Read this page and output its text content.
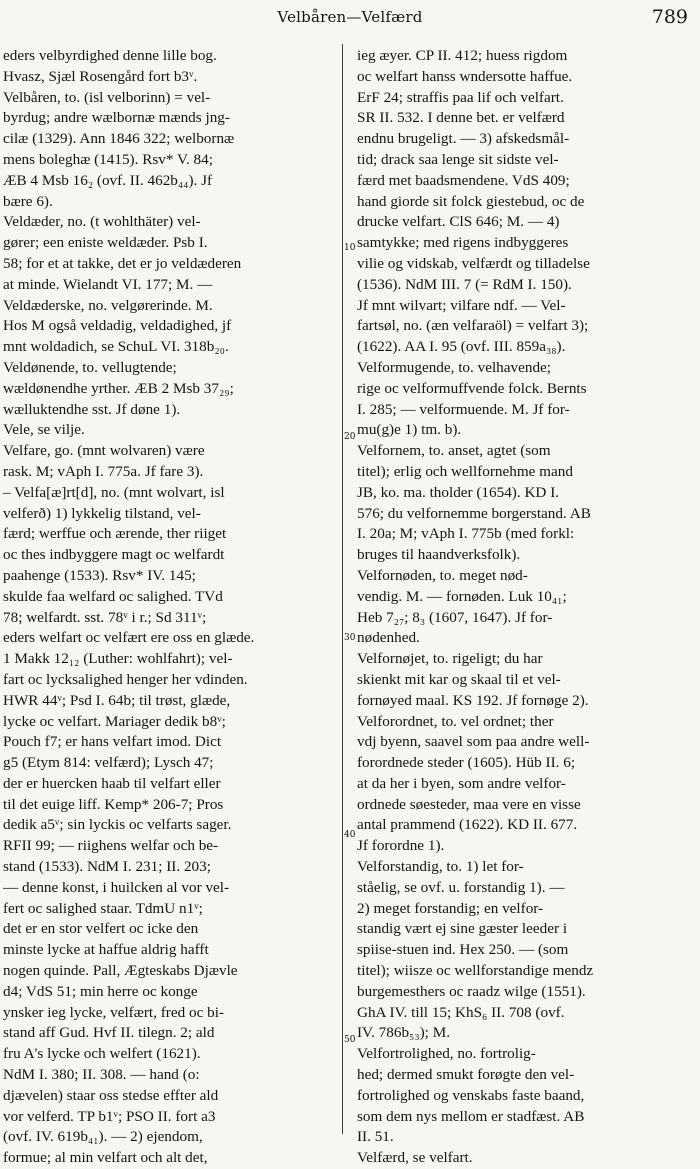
Velbåren—Velfærd	789
10
20
30
40
50
eders velbyrdighed denne lille bog.
Hvasz, Sjæl Rosengård fort b3ᵛ.
Velbåren, to. (isl velborinn) = vel-
byrdug; andre wælbornæ mænds jng-
cilæ (1329). Ann 1846 322; welbornæ
mens boleghæ (1415). Rsv* V. 84;
ÆB 4 Msb 16₂ (ovf. II. 462b₄₄). Jf
bære 6).
Veldæder, no. (t wohlthäter) vel-
gører; een eniste weldæder. Psb I.
58; for et at takke, det er jo veldæderen
at minde. Wielandt VI. 177; M. —
Veldæderske, no. velgørerinde. M.
Hos M også veldadig, veldadighed, jf
mnt woldadich, se SchuL VI. 318b₂₀.
Veldønende, to. vellugtende;
wældønendhe yrther. ÆB 2 Msb 37₂₉;
wælluktendhe sst. Jf døne 1).
Vele, se vilje.
Velfare, go. (mnt wolvaren) være
rask. M; vAph I. 775a. Jf fare 3).
– Velfa[æ]rt[d], no. (mnt wolvart, isl
velferð) 1) lykkelig tilstand, vel-
færd; werffue och ærende, ther riiget
oc thes indbyggere magt oc welfardt
paahenge (1533). Rsv* IV. 145;
skulde faa welfard oc salighed. TVd
78; welfardt. sst. 78ᵛ i r.; Sd 311ᵛ;
eders welfart oc velfært ere oss en glæde.
1 Makk 12₁₂ (Luther: wohlfahrt); vel-
fart oc lycksalighed henger her vdinden.
HWR 44ᵛ; Psd I. 64b; til trøst, glæde,
lycke oc velfart. Mariager dedik b8ᵛ;
Pouch f7; er hans velfart imod. Dict
g5 (Etym 814: velfærd); Lysch 47;
der er huercken haab til velfart eller
til det euige liff. Kemp* 206-7; Pros
dedik a5ᵛ; sin lyckis oc velfarts sager.
RFII 99; — riighens welfar och be-
stand (1533). NdM I. 231; II. 203;
— denne konst, i huilcken al vor vel-
fert oc salighed staar. TdmU n1ᵛ;
det er en stor velfert oc icke den
minste lycke at haffue aldrig hafft
nogen quinde. Pall, Ægteskabs Djævle
d4; VdS 51; min herre oc konge
ynsker ieg lycke, velfært, fred oc bi-
stand aff Gud. Hvf II. tilegn. 2; ald
fru A's lycke och welfert (1621).
NdM I. 380; II. 308. — hand (o:
djævelen) staar oss stedse effter ald
vor velferd. TP b1ᵛ; PSO II. fort a3
(ovf. IV. 619b₄₁). — 2) ejendom,
formue; al min velfart och alt det,
ieg æyer. CP II. 412; huess rigdom
oc welfart hanss wndersotte haffue.
ErF 24; straffis paa lif och velfart.
SR II. 532. I denne bet. er velfærd
endnu brugeligt. — 3) afskedsmål-
tid; drack saa lenge sit sidste vel-
færd met baadsmendene. VdS 409;
hand giorde sit folck giestebud, oc de
drucke velfart. ClS 646; M. — 4)
samtykke; med rigens indbyggeres
vilie og vidskab, velfærdt og tilladelse
(1536). NdM III. 7 (= RdM I. 150).
Jf mnt wilvart; vilfare ndf. — Vel-
fartsøl, no. (æn velfaraöl) = velfart 3);
(1622). AA I. 95 (ovf. III. 859a₃₈).
Velformugende, to. velhavende;
rige oc velformuffvende folck. Bernts
I. 285; — velformuende. M. Jf for-
mu(g)e 1) tm. b).
Velfornem, to. anset, agtet (som
titel); erlig och wellfornehme mand
JB, ko. ma. tholder (1654). KD I.
576; du velfornemme borgerstand. AB
I. 20a; M; vAph I. 775b (med forkl:
bruges til haandverksfolk).
Velfornøden, to. meget nød-
vendig. M. — fornøden. Luk 10₄₁;
Heb 7₂₇; 8₃ (1607, 1647). Jf for-
nødenhed.
Velfornøjet, to. rigeligt; du har
skienkt mit kar og skaal til et vel-
fornøyed maal. KS 192. Jf fornøge 2).
Velforordnet, to. vel ordnet; ther
vdj byenn, saavel som paa andre well-
forordnede steder (1605). Hüb II. 6;
at da her i byen, som andre velfor-
ordnede søesteder, maa vere en visse
antal prammend (1622). KD II. 677.
Jf forordne 1).
Velforstandig, to. 1) let for-
ståelig, se ovf. u. forstandig 1). —
2) meget forstandig; en velfor-
standig vært ej sine gæster leeder i
spiise-stuen ind. Hex 250. — (som
titel); wiisze oc wellforstandige mendz
burgemesthers oc raadz wilge (1551).
GhA IV. till 15; KhS₆ II. 708 (ovf.
IV. 786b₅₃); M.
Velfortrolighed, no. fortrolig-
hed; dermed smukt forøgte den vel-
fortrolighed og venskabs faste baand,
som dem nys mellom er stadfæst. AB
II. 51.
Velfærd, se velfart.
